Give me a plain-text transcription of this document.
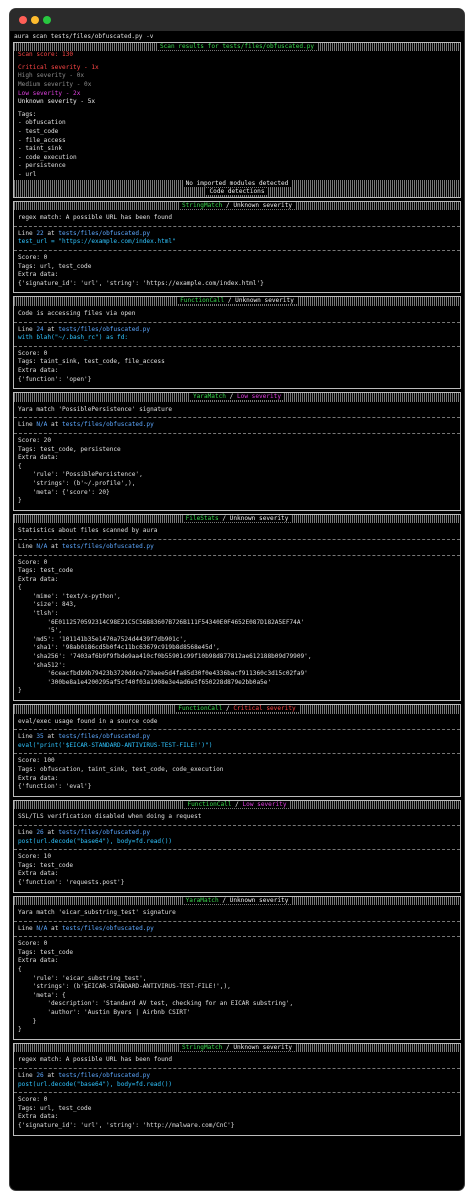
aura scan tests/files/obfuscated.py -v
Scan results for tests/files/obfuscated.py
Scan score: 130
Critical severity - 1x
High severity - 0x
Medium severity - 0x
Low severity - 2x
Unknown severity - 5x
Tags:
- obfuscation
- test_code
- file_access
- taint_sink
- code_execution
- persistence
- url
No imported modules detected
Code detections
StringMatch / Unknown severity
regex match: A possible URL has been found
Line 22 at tests/files/obfuscated.py
test_url = "https://example.com/index.html"
Score: 0
Tags: url, test_code
Extra data:
{'signature_id': 'url', 'string': 'https://example.com/index.html'}
FunctionCall / Unknown severity
Code is accessing files via open
Line 24 at tests/files/obfuscated.py
with blah("~/.bash_rc") as fd:
Score: 0
Tags: taint_sink, test_code, file_access
Extra data:
{'function': 'open'}
YaraMatch / Low severity
Yara match 'PossiblePersistence' signature
Line N/A at tests/files/obfuscated.py
Score: 20
Tags: test_code, persistence
Extra data:
{
'rule': 'PossiblePersistence',
'strings': (b'~/.profile',),
'meta': {'score': 20}
}
FileStats / Unknown severity
Statistics about files scanned by aura
Line N/A at tests/files/obfuscated.py
Score: 0
Tags: test_code
Extra data:
{
'mime': 'text/x-python',
'size': 843,
'tlsh':
'6E0112570592314C98E21C5C56B83607B726B111F54340E0F4652E087D182A5EF74A'
'5',
'md5': '101141b35e1470a7524d4439f7db901c',
'sha1': '98ab0186cd5b0f4c11bc63679c919b8d8568e45d',
'sha256': '7403af6b9f9fbde9aa410cf0b55901c99f10b98d877812ae612188b09d79909',
'sha512':
'6ceacfbdb9b79423b3720ddce729aee5d4fa85d30f0e4336bacf911360c3d15c02fa9'
'300be8a1e4200295af5cf40f03a1908e3e4ad6e5f650228d879e2bb0a5e'
}
FunctionCall / Critical severity
eval/exec usage found in a source code
Line 35 at tests/files/obfuscated.py
eval("print('$EICAR-STANDARD-ANTIVIRUS-TEST-FILE!')")
Score: 100
Tags: obfuscation, taint_sink, test_code, code_execution
Extra data:
{'function': 'eval'}
FunctionCall / Low severity
SSL/TLS verification disabled when doing a request
Line 26 at tests/files/obfuscated.py
post(url.decode("base64"), body=fd.read())
Score: 10
Tags: test_code
Extra data:
{'function': 'requests.post'}
YaraMatch / Unknown severity
Yara match 'eicar_substring_test' signature
Line N/A at tests/files/obfuscated.py
Score: 0
Tags: test_code
Extra data:
{
'rule': 'eicar_substring_test',
'strings': (b'$EICAR-STANDARD-ANTIVIRUS-TEST-FILE!',),
'meta': {
'description': 'Standard AV test, checking for an EICAR substring',
'author': 'Austin Byers | Airbnb CSIRT'
}
}
StringMatch / Unknown severity
regex match: A possible URL has been found
Line 26 at tests/files/obfuscated.py
post(url.decode("base64"), body=fd.read())
Score: 0
Tags: url, test_code
Extra data:
{'signature_id': 'url', 'string': 'http://malware.com/CnC'}
